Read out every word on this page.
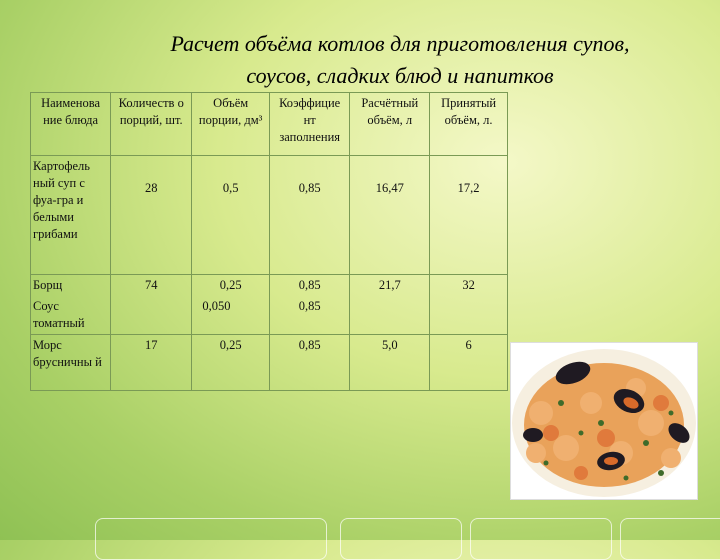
Расчет объёма котлов для приготовления супов,
соусов, сладких блюд и напитков
Наименова ние блюда	Количеств о порций, шт.	Объём порции, дм³	Коэффицие нт заполнения	Расчётный объём, л	Принятый объём, л.
Картофель ный суп с фуа-гра и белыми грибами	28	0,5	0,85	16,47	17,2
Борщ	74	0,25	0,85	21,7	32
Соус томатный		0,050	0,85		
Морс брусничны й	17	0,25	0,85	5,0	6
